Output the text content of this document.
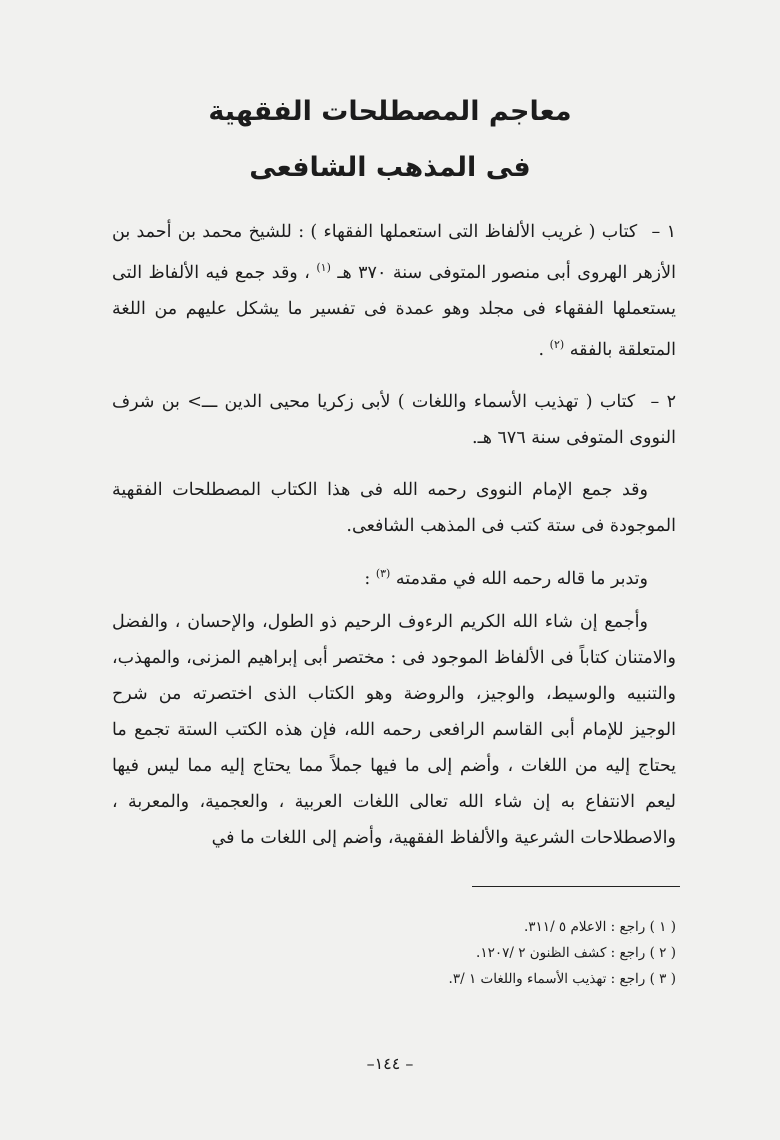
معاجم المصطلحات الفقهية
فى المذهب الشافعى
١ – كتاب ( غريب الألفاظ التى استعملها الفقهاء ) : للشيخ محمد بن أحمد بن الأزهر الهروى أبى منصور المتوفى سنة ٣٧٠ هـ $^{(١)}$ ، وقد جمع فيه الألفاظ التى يستعملها الفقهاء فى مجلد وهو عمدة فى تفسير ما يشكل عليهم من اللغة المتعلقة بالفقه $^{(٢)}$ .
٢ – كتاب ( تهذيب الأسماء واللغات ) لأبى زكريا محيى الدين ـــ> بن شرف النووى المتوفى سنة ٦٧٦ هـ.
وقد جمع الإمام النووى رحمه الله فى هذا الكتاب المصطلحات الفقهية الموجودة فى ستة كتب فى المذهب الشافعى.
وتدبر ما قاله رحمه الله في مقدمته $^{(٣)}$ :
وأجمع إن شاء الله الكريم الرءوف الرحيم ذو الطول، والإحسان ، والفضل والامتنان كتاباً فى الألفاظ الموجود فى : مختصر أبى إبراهيم المزنى، والمهذب، والتنبيه والوسيط، والوجيز، والروضة وهو الكتاب الذى اختصرته من شرح الوجيز للإمام أبى القاسم الرافعى رحمه الله، فإن هذه الكتب الستة تجمع ما يحتاج إليه من اللغات ، وأضم إلى ما فيها جملاً مما يحتاج إليه مما ليس فيها ليعم الانتفاع به إن شاء الله تعالى اللغات العربية ، والعجمية، والمعربة ، والاصطلاحات الشرعية والألفاظ الفقهية، وأضم إلى اللغات ما في
( ١ ) راجع : الاعلام ٥ /٣١١.
( ٢ ) راجع : كشف الظنون ٢ /١٢٠٧.
( ٣ ) راجع : تهذيب الأسماء واللغات ١ /٣.
–١٤٤ –
